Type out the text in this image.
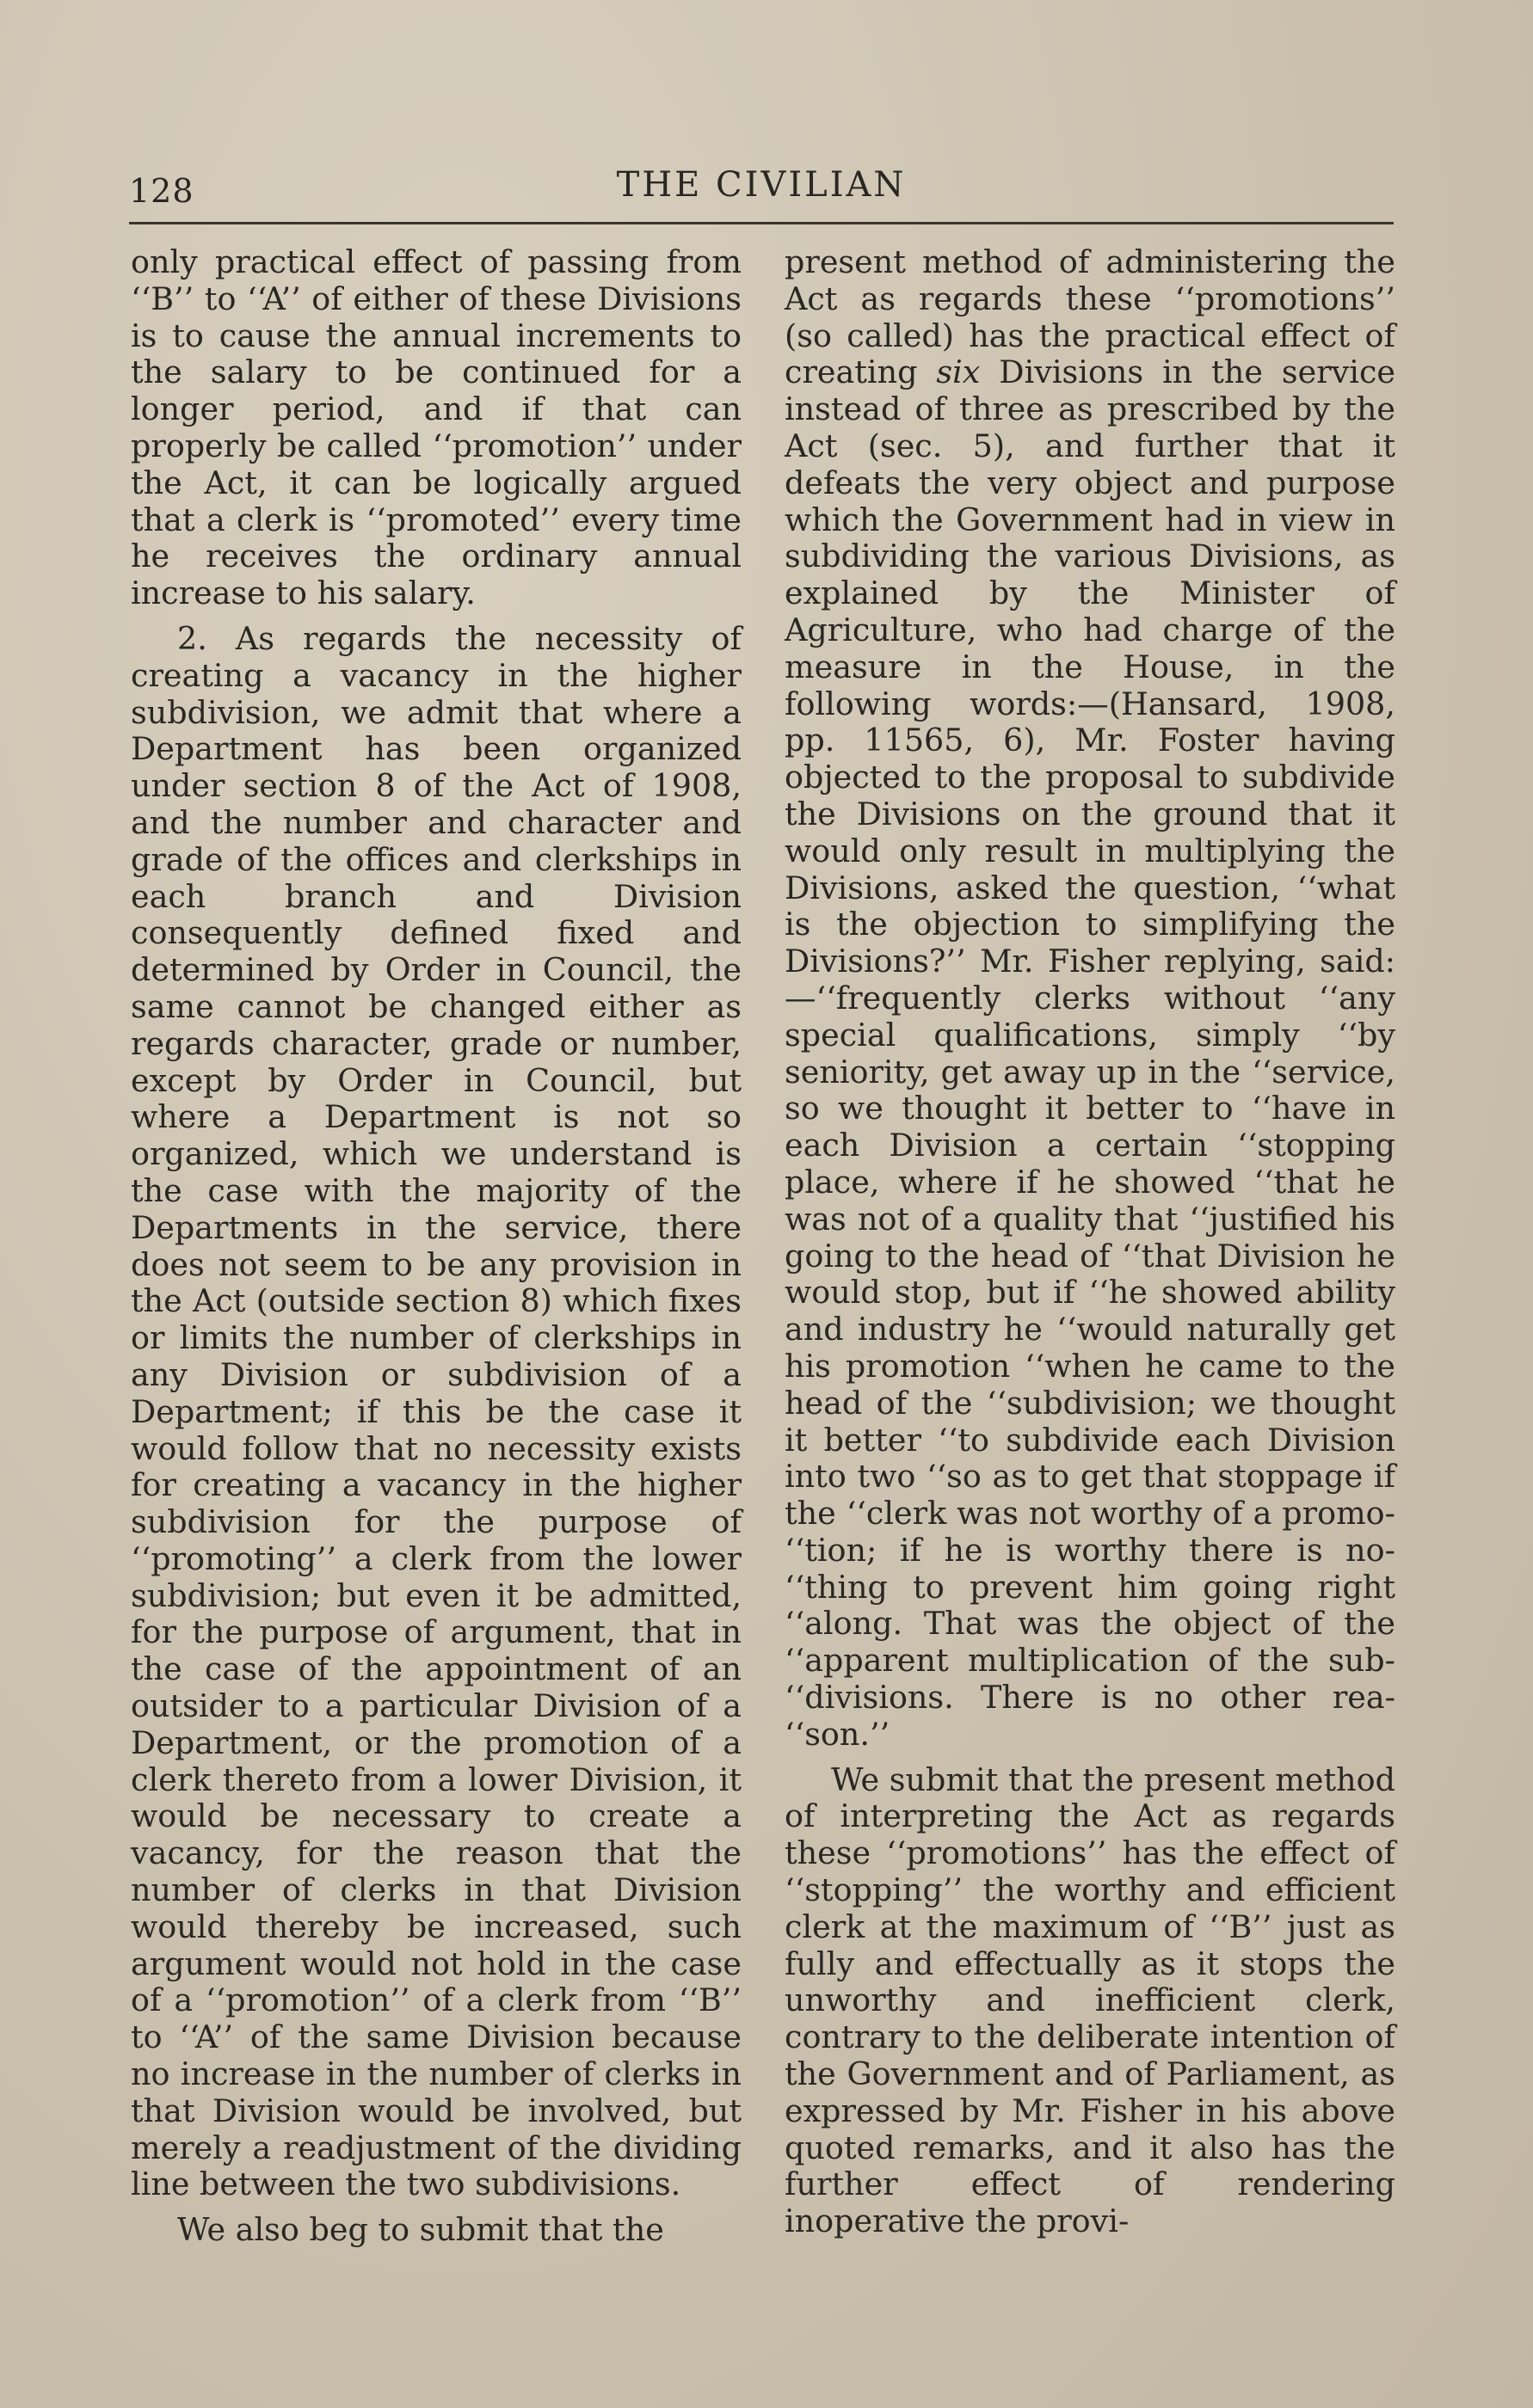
128	THE CIVILIAN

only practical effect of passing from ‘‘B’’ to ‘‘A’’ of either of these Divisions is to cause the annual increments to the salary to be continued for a longer period, and if that can properly be called ‘‘promotion’’ under the Act, it can be logically argued that a clerk is ‘‘promoted’’ every time he receives the ordinary annual increase to his salary.

2. As regards the necessity of creating a vacancy in the higher subdivision, we admit that where a Department has been organized under section 8 of the Act of 1908, and the number and character and grade of the offices and clerkships in each branch and Division consequently defined fixed and determined by Order in Council, the same cannot be changed either as regards character, grade or number, except by Order in Council, but where a Department is not so organized, which we understand is the case with the majority of the Departments in the service, there does not seem to be any provision in the Act (outside section 8) which fixes or limits the number of clerkships in any Division or subdivision of a Department; if this be the case it would follow that no necessity exists for creating a vacancy in the higher subdivision for the purpose of ‘‘promoting’’ a clerk from the lower subdivision; but even it be admitted, for the purpose of argument, that in the case of the appointment of an outsider to a particular Division of a Department, or the promotion of a clerk thereto from a lower Division, it would be necessary to create a vacancy, for the reason that the number of clerks in that Division would thereby be increased, such argument would not hold in the case of a ‘‘promotion’’ of a clerk from ‘‘B’’ to ‘‘A’’ of the same Division because no increase in the number of clerks in that Division would be involved, but merely a readjustment of the dividing line between the two subdivisions.

We also beg to submit that the

present method of administering the Act as regards these ‘‘promotions’’ (so called) has the practical effect of creating six Divisions in the service instead of three as prescribed by the Act (sec. 5), and further that it defeats the very object and purpose which the Government had in view in subdividing the various Divisions, as explained by the Minister of Agriculture, who had charge of the measure in the House, in the following words:—(Hansard, 1908, pp. 11565, 6), Mr. Foster having objected to the proposal to subdivide the Divisions on the ground that it would only result in multiplying the Divisions, asked the question, ‘‘what is the objection to simplifying the Divisions?’’ Mr. Fisher replying, said:—‘‘frequently clerks without ‘‘any special qualifications, simply ‘‘by seniority, get away up in the ‘‘service, so we thought it better to ‘‘have in each Division a certain ‘‘stopping place, where if he showed ‘‘that he was not of a quality that ‘‘justified his going to the head of ‘‘that Division he would stop, but if ‘‘he showed ability and industry he ‘‘would naturally get his promotion ‘‘when he came to the head of the ‘‘subdivision; we thought it better ‘‘to subdivide each Division into two ‘‘so as to get that stoppage if the ‘‘clerk was not worthy of a promo- ‘‘tion; if he is worthy there is no- ‘‘thing to prevent him going right ‘‘along. That was the object of the ‘‘apparent multiplication of the sub- ‘‘divisions. There is no other rea- ‘‘son.’’

We submit that the present method of interpreting the Act as regards these ‘‘promotions’’ has the effect of ‘‘stopping’’ the worthy and efficient clerk at the maximum of ‘‘B’’ just as fully and effectually as it stops the unworthy and inefficient clerk, contrary to the deliberate intention of the Government and of Parliament, as expressed by Mr. Fisher in his above quoted remarks, and it also has the further effect of rendering inoperative the provi-
